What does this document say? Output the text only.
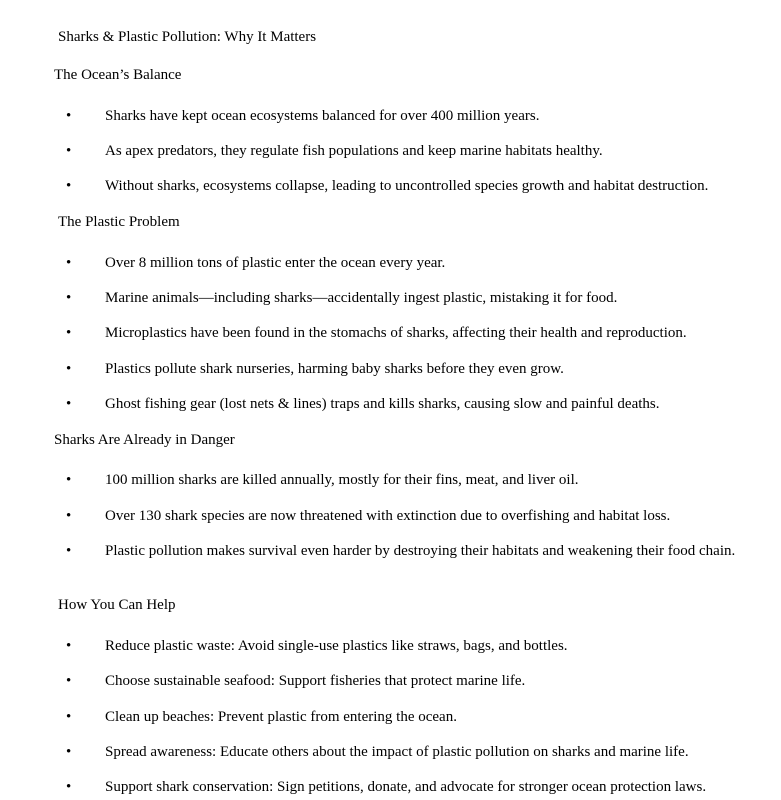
Sharks & Plastic Pollution: Why It Matters
The Ocean’s Balance
• Sharks have kept ocean ecosystems balanced for over 400 million years.
• As apex predators, they regulate fish populations and keep marine habitats healthy.
• Without sharks, ecosystems collapse, leading to uncontrolled species growth and habitat destruction.
The Plastic Problem
• Over 8 million tons of plastic enter the ocean every year.
• Marine animals—including sharks—accidentally ingest plastic, mistaking it for food.
• Microplastics have been found in the stomachs of sharks, affecting their health and reproduction.
• Plastics pollute shark nurseries, harming baby sharks before they even grow.
• Ghost fishing gear (lost nets & lines) traps and kills sharks, causing slow and painful deaths.
Sharks Are Already in Danger
• 100 million sharks are killed annually, mostly for their fins, meat, and liver oil.
• Over 130 shark species are now threatened with extinction due to overfishing and habitat loss.
• Plastic pollution makes survival even harder by destroying their habitats and weakening their food chain.
How You Can Help
• Reduce plastic waste: Avoid single-use plastics like straws, bags, and bottles.
• Choose sustainable seafood: Support fisheries that protect marine life.
• Clean up beaches: Prevent plastic from entering the ocean.
• Spread awareness: Educate others about the impact of plastic pollution on sharks and marine life.
• Support shark conservation: Sign petitions, donate, and advocate for stronger ocean protection laws.
